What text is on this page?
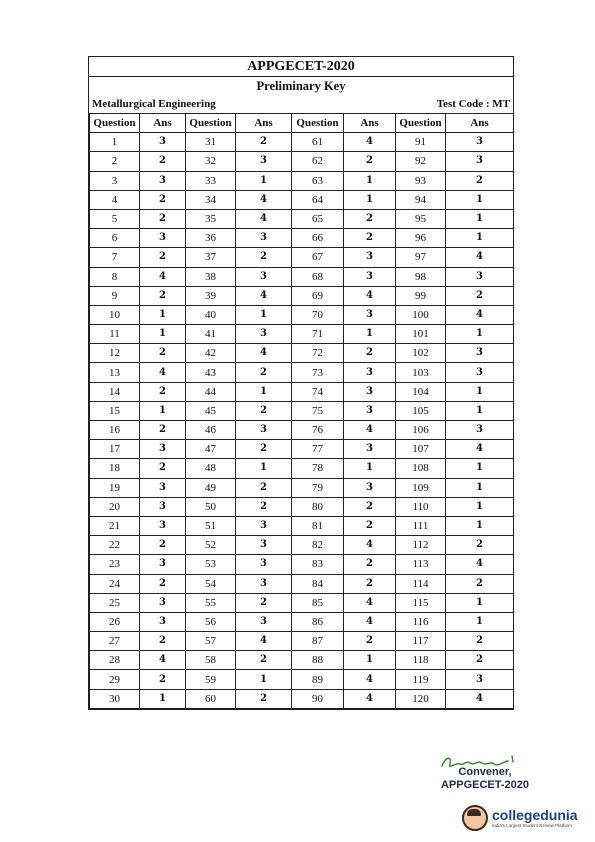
APPGECET-2020
Preliminary Key
Metallurgical Engineering	Test Code : MT
Question	Ans	Question	Ans	Question	Ans	Question	Ans
1	3	31	2	61	4	91	3
2	2	32	3	62	2	92	3
3	3	33	1	63	1	93	2
4	2	34	4	64	1	94	1
5	2	35	4	65	2	95	1
6	3	36	3	66	2	96	1
7	2	37	2	67	3	97	4
8	4	38	3	68	3	98	3
9	2	39	4	69	4	99	2
10	1	40	1	70	3	100	4
11	1	41	3	71	1	101	1
12	2	42	4	72	2	102	3
13	4	43	2	73	3	103	3
14	2	44	1	74	3	104	1
15	1	45	2	75	3	105	1
16	2	46	3	76	4	106	3
17	3	47	2	77	3	107	4
18	2	48	1	78	1	108	1
19	3	49	2	79	3	109	1
20	3	50	2	80	2	110	1
21	3	51	3	81	2	111	1
22	2	52	3	82	4	112	2
23	3	53	3	83	2	113	4
24	2	54	3	84	2	114	2
25	3	55	2	85	4	115	1
26	3	56	3	86	4	116	1
27	2	57	4	87	2	117	2
28	4	58	2	88	1	118	2
29	2	59	1	89	4	119	3
30	1	60	2	90	4	120	4
Convener,
APPGECET-2020
collegedunia
India's Largest Student Review Platform
